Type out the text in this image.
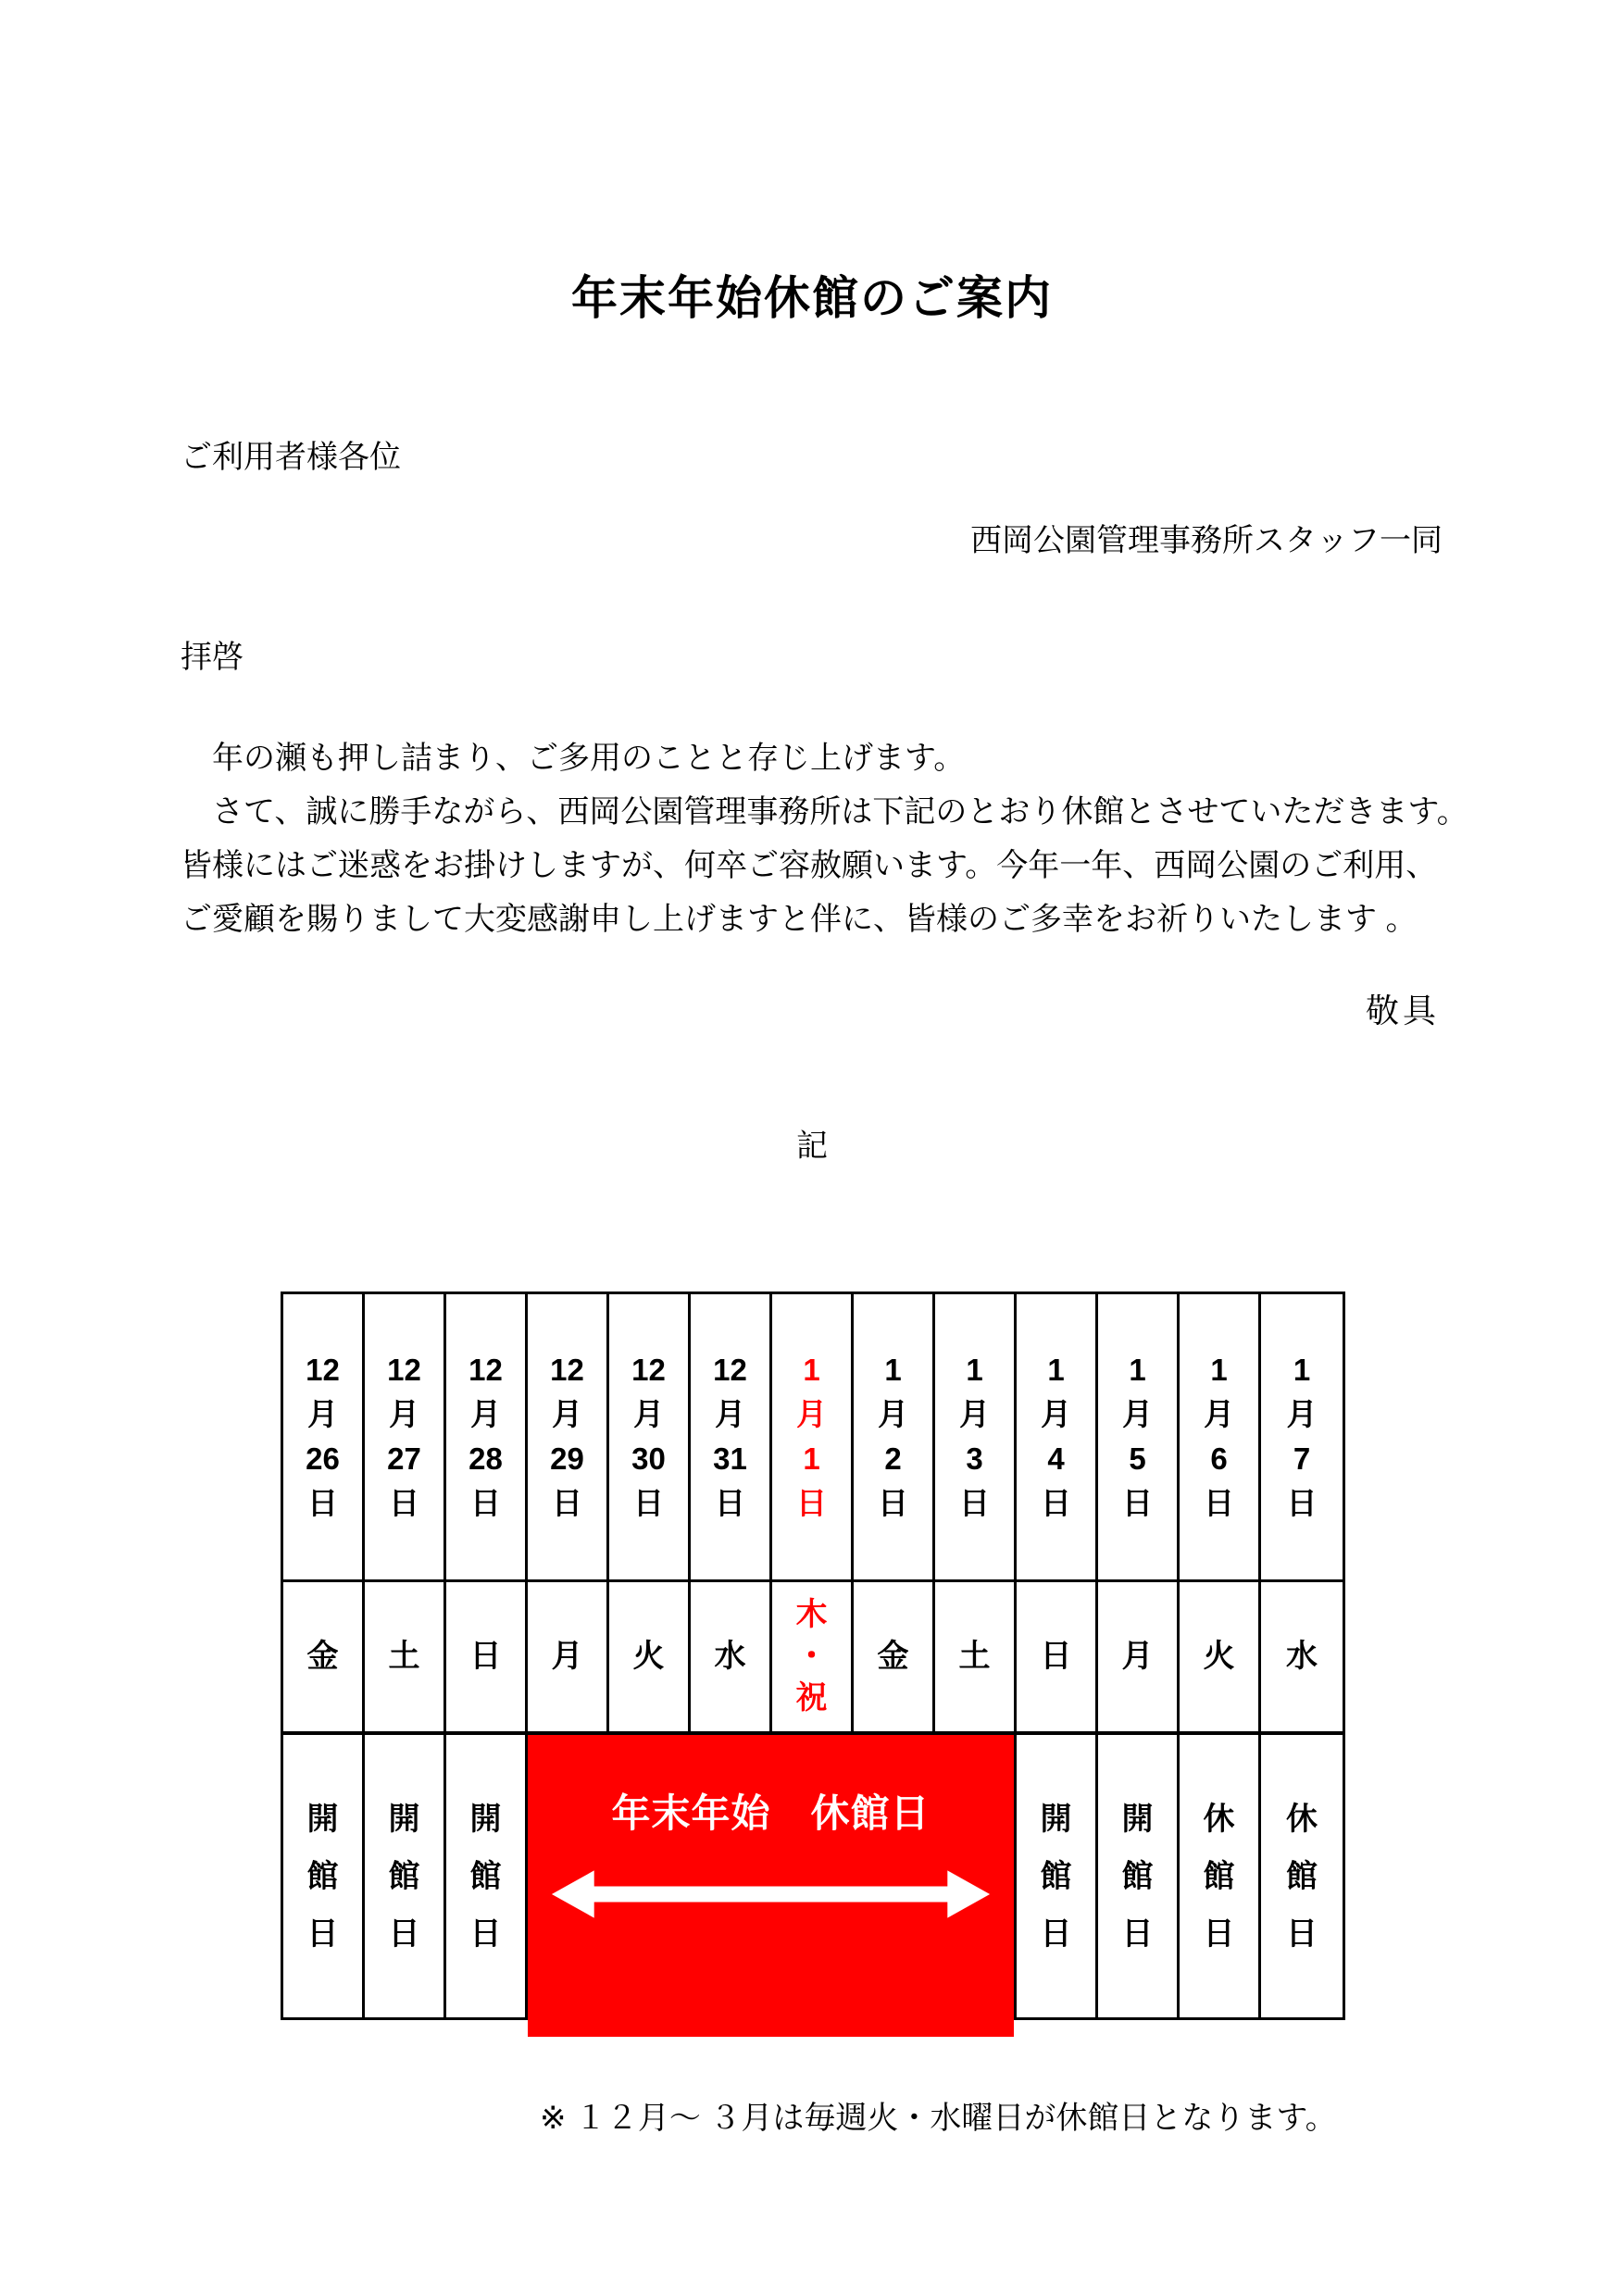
年末年始休館のご案内
ご利用者様各位
西岡公園管理事務所スタッフ一同
拝啓

　年の瀬も押し詰まり、ご多用のことと存じ上げます。

　さて、誠に勝手ながら、西岡公園管理事務所は下記のとおり休館とさせていただきます。

皆様にはご迷惑をお掛けしますが、何卒ご容赦願います。今年一年、西岡公園のご利用、

ご愛顧を賜りまして大変感謝申し上げますと伴に、皆様のご多幸をお祈りいたします 。

敬具
記
12
月
26
日
12
月
27
日
12
月
28
日
12
月
29
日
12
月
30
日
12
月
31
日
1
月
1
日
1
月
2
日
1
月
3
日
1
月
4
日
1
月
5
日
1
月
6
日
1
月
7
日
金 土 日 月 火 水
木
・
祝
金 土 日 月 火 水
開
館
日
開
館
日
開
館
日
年末年始　休館日	開
館
日
開
館
日
休
館
日
休
館
日
※ １２月～ ３月は毎週火・水曜日が休館日となります。
